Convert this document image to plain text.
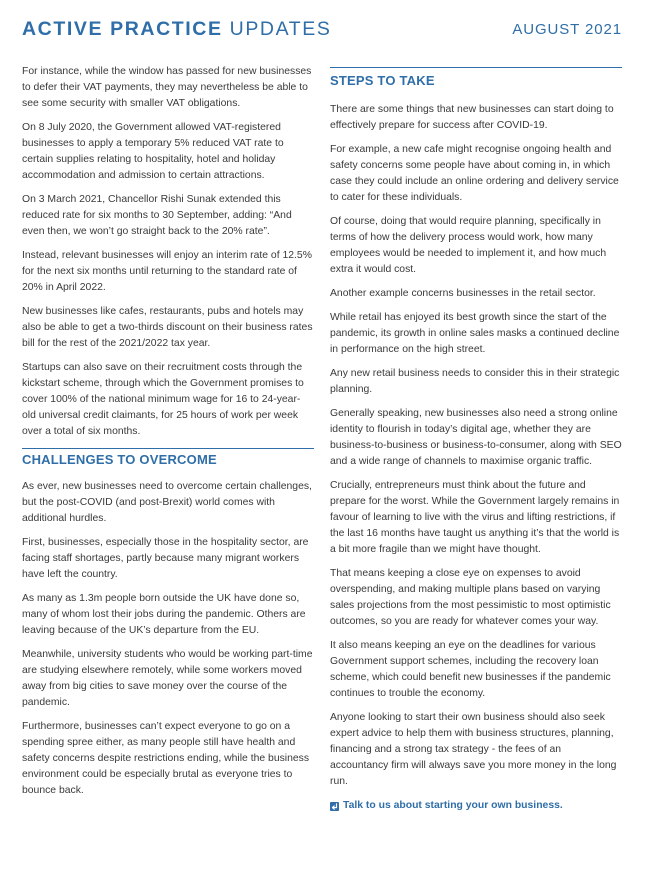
ACTIVE PRACTICE UPDATES	AUGUST 2021

For instance, while the window has passed for new businesses to defer their VAT payments, they may nevertheless be able to see some security with smaller VAT obligations.

On 8 July 2020, the Government allowed VAT-registered businesses to apply a temporary 5% reduced VAT rate to certain supplies relating to hospitality, hotel and holiday accommodation and admission to certain attractions.

On 3 March 2021, Chancellor Rishi Sunak extended this reduced rate for six months to 30 September, adding: “And even then, we won’t go straight back to the 20% rate”.

Instead, relevant businesses will enjoy an interim rate of 12.5% for the next six months until returning to the standard rate of 20% in April 2022.

New businesses like cafes, restaurants, pubs and hotels may also be able to get a two-thirds discount on their business rates bill for the rest of the 2021/2022 tax year.

Startups can also save on their recruitment costs through the kickstart scheme, through which the Government promises to cover 100% of the national minimum wage for 16 to 24-year-old universal credit claimants, for 25 hours of work per week over a total of six months.

CHALLENGES TO OVERCOME

As ever, new businesses need to overcome certain challenges, but the post-COVID (and post-Brexit) world comes with additional hurdles.

First, businesses, especially those in the hospitality sector, are facing staff shortages, partly because many migrant workers have left the country.

As many as 1.3m people born outside the UK have done so, many of whom lost their jobs during the pandemic. Others are leaving because of the UK’s departure from the EU.

Meanwhile, university students who would be working part-time are studying elsewhere remotely, while some workers moved away from big cities to save money over the course of the pandemic.

Furthermore, businesses can’t expect everyone to go on a spending spree either, as many people still have health and safety concerns despite restrictions ending, while the business environment could be especially brutal as everyone tries to bounce back.

STEPS TO TAKE

There are some things that new businesses can start doing to effectively prepare for success after COVID-19.

For example, a new cafe might recognise ongoing health and safety concerns some people have about coming in, in which case they could include an online ordering and delivery service to cater for these individuals.

Of course, doing that would require planning, specifically in terms of how the delivery process would work, how many employees would be needed to implement it, and how much extra it would cost.

Another example concerns businesses in the retail sector.

While retail has enjoyed its best growth since the start of the pandemic, its growth in online sales masks a continued decline in performance on the high street.

Any new retail business needs to consider this in their strategic planning.

Generally speaking, new businesses also need a strong online identity to flourish in today’s digital age, whether they are business-to-business or business-to-consumer, along with SEO and a wide range of channels to maximise organic traffic.

Crucially, entrepreneurs must think about the future and prepare for the worst. While the Government largely remains in favour of learning to live with the virus and lifting restrictions, if the last 16 months have taught us anything it’s that the world is a bit more fragile than we might have thought.

That means keeping a close eye on expenses to avoid overspending, and making multiple plans based on varying sales projections from the most pessimistic to most optimistic outcomes, so you are ready for whatever comes your way.

It also means keeping an eye on the deadlines for various Government support schemes, including the recovery loan scheme, which could benefit new businesses if the pandemic continues to trouble the economy.

Anyone looking to start their own business should also seek expert advice to help them with business structures, planning, financing and a strong tax strategy - the fees of an accountancy firm will always save you more money in the long run.

Talk to us about starting your own business.
